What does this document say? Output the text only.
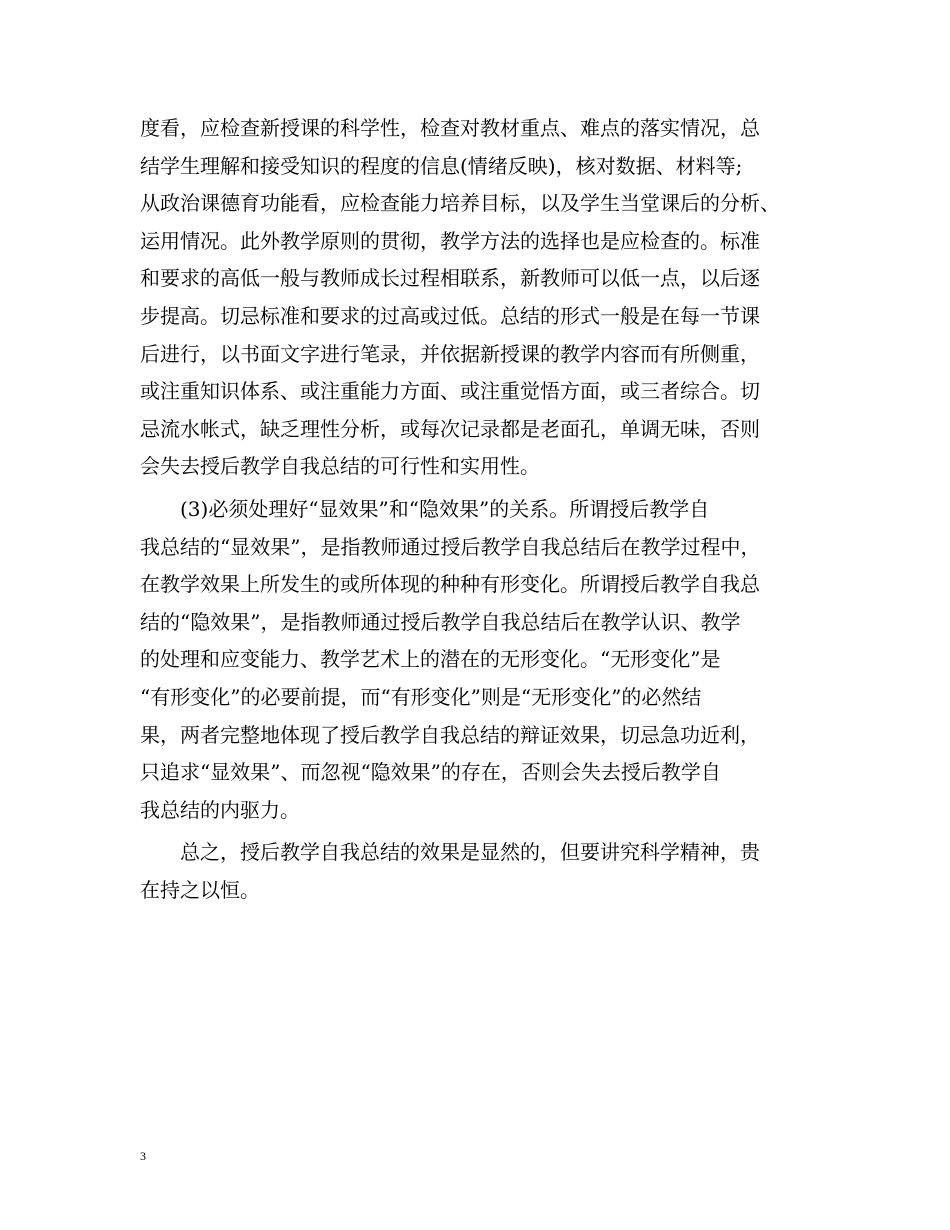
度看，应检查新授课的科学性，检查对教材重点、难点的落实情况，总
结学生理解和接受知识的程度的信息(情绪反映)，核对数据、材料等;
从政治课德育功能看，应检查能力培养目标，以及学生当堂课后的分析、
运用情况。此外教学原则的贯彻，教学方法的选择也是应检查的。标准
和要求的高低一般与教师成长过程相联系，新教师可以低一点，以后逐
步提高。切忌标准和要求的过高或过低。总结的形式一般是在每一节课
后进行，以书面文字进行笔录，并依据新授课的教学内容而有所侧重，
或注重知识体系、或注重能力方面、或注重觉悟方面，或三者综合。切
忌流水帐式，缺乏理性分析，或每次记录都是老面孔，单调无味，否则
会失去授后教学自我总结的可行性和实用性。
　　(3)必须处理好“显效果”和“隐效果”的关系。所谓授后教学自
我总结的“显效果”，是指教师通过授后教学自我总结后在教学过程中，
在教学效果上所发生的或所体现的种种有形变化。所谓授后教学自我总
结的“隐效果”，是指教师通过授后教学自我总结后在教学认识、教学
的处理和应变能力、教学艺术上的潜在的无形变化。“无形变化”是
“有形变化”的必要前提，而“有形变化”则是“无形变化”的必然结
果，两者完整地体现了授后教学自我总结的辩证效果，切忌急功近利，
只追求“显效果”、而忽视“隐效果”的存在，否则会失去授后教学自
我总结的内驱力。
　　总之，授后教学自我总结的效果是显然的，但要讲究科学精神，贵
在持之以恒。
3
